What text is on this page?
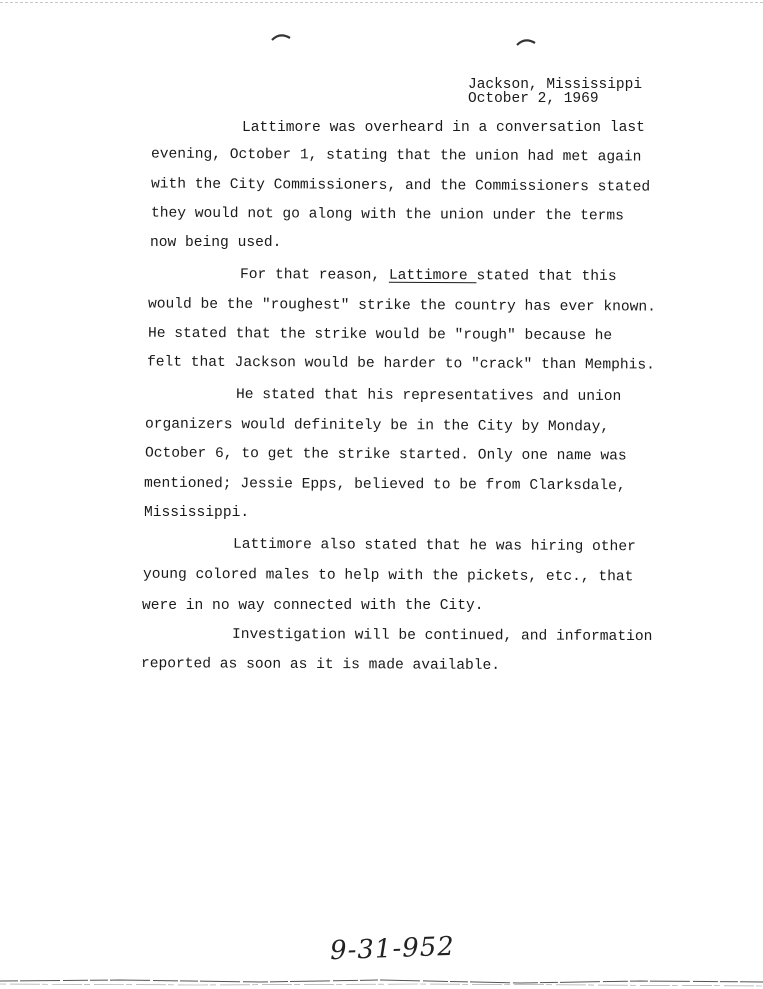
Jackson, Mississippi
October 2, 1969
Lattimore was overheard in a conversation last
evening, October 1, stating that the union had met again
with the City Commissioners, and the Commissioners stated
they would not go along with the union under the terms
now being used.
For that reason, Lattimore stated that this
would be the "roughest" strike the country has ever known.
He stated that the strike would be "rough" because he
felt that Jackson would be harder to "crack" than Memphis.
He stated that his representatives and union
organizers would definitely be in the City by Monday,
October 6, to get the strike started. Only one name was
mentioned; Jessie Epps, believed to be from Clarksdale,
Mississippi.
Lattimore also stated that he was hiring other
young colored males to help with the pickets, etc., that
were in no way connected with the City.
Investigation will be continued, and information
reported as soon as it is made available.
9-31-952
